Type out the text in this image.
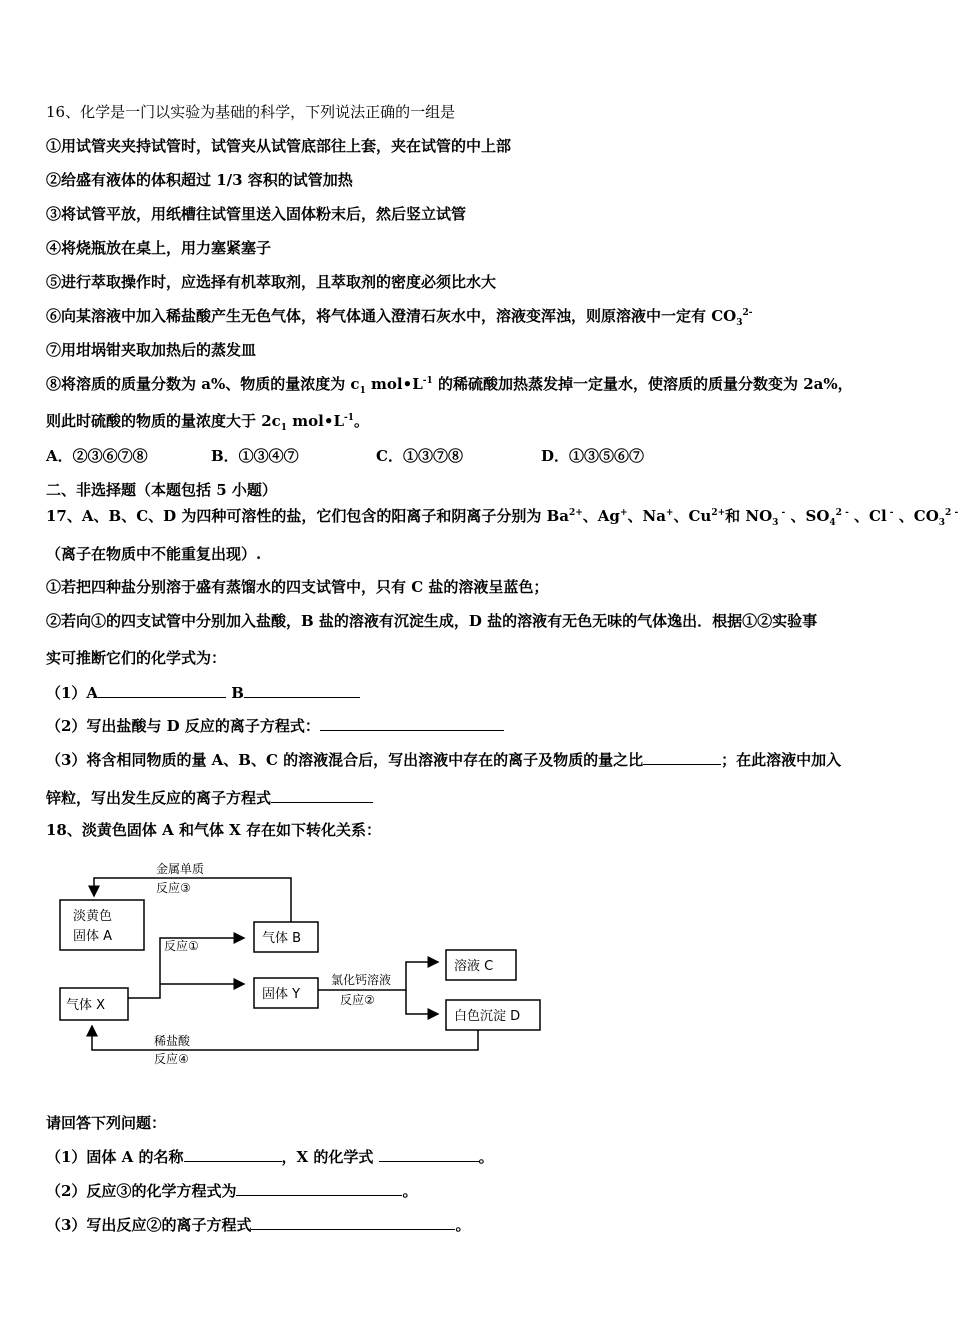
16、化学是一门以实验为基础的科学，下列说法正确的一组是
①用试管夹夹持试管时，试管夹从试管底部往上套，夹在试管的中上部
②给盛有液体的体积超过 1/3 容积的试管加热
③将试管平放，用纸槽往试管里送入固体粉末后，然后竖立试管
④将烧瓶放在桌上，用力塞紧塞子
⑤进行萃取操作时，应选择有机萃取剂，且萃取剂的密度必须比水大
⑥向某溶液中加入稀盐酸产生无色气体，将气体通入澄清石灰水中，溶液变浑浊，则原溶液中一定有 $CO_3^{2-}$
⑦用坩埚钳夹取加热后的蒸发皿
⑧将溶质的质量分数为 a%、物质的量浓度为 $c_1$ $mol•L^{-1}$ 的稀硫酸加热蒸发掉一定量水，使溶质的质量分数变为 2a%，
则此时硫酸的物质的量浓度大于 $2c_1$ $mol•L^{-1}$。
A．②③⑥⑦⑧	B．①③④⑦	C．①③⑦⑧	D．①③⑤⑥⑦
二、非选择题（本题包括 5 小题）
17、A、B、C、D 为四种可溶性的盐，它们包含的阳离子和阴离子分别为 $Ba^{2+}$、Ag+、Na+、$Cu^{2+}$和 $NO_3$ - 、$SO_4^{2 -}$ 、Cl - 、$CO_3^{2 -}$
（离子在物质中不能重复出现）.
①若把四种盐分别溶于盛有蒸馏水的四支试管中，只有 C 盐的溶液呈蓝色；
②若向①的四支试管中分别加入盐酸，B 盐的溶液有沉淀生成，D 盐的溶液有无色无味的气体逸出．根据①②实验事
实可推断它们的化学式为：
（1）A	B
（2）写出盐酸与 D 反应的离子方程式：
（3）将含相同物质的量 A、B、C 的溶液混合后，写出溶液中存在的离子及物质的量之比	；在此溶液中加入
锌粒，写出发生反应的离子方程式
18、淡黄色固体 A 和气体 X 存在如下转化关系：
淡黄色
固体 A
气体 X
气体 B
固体 Y
溶液 C
白色沉淀 D
反应①
氯化钙溶液
反应②
金属单质
反应③
稀盐酸
反应④
请回答下列问题：
（1）固体 A 的名称	，X 的化学式	。
（2）反应③的化学方程式为	。
（3）写出反应②的离子方程式	。
